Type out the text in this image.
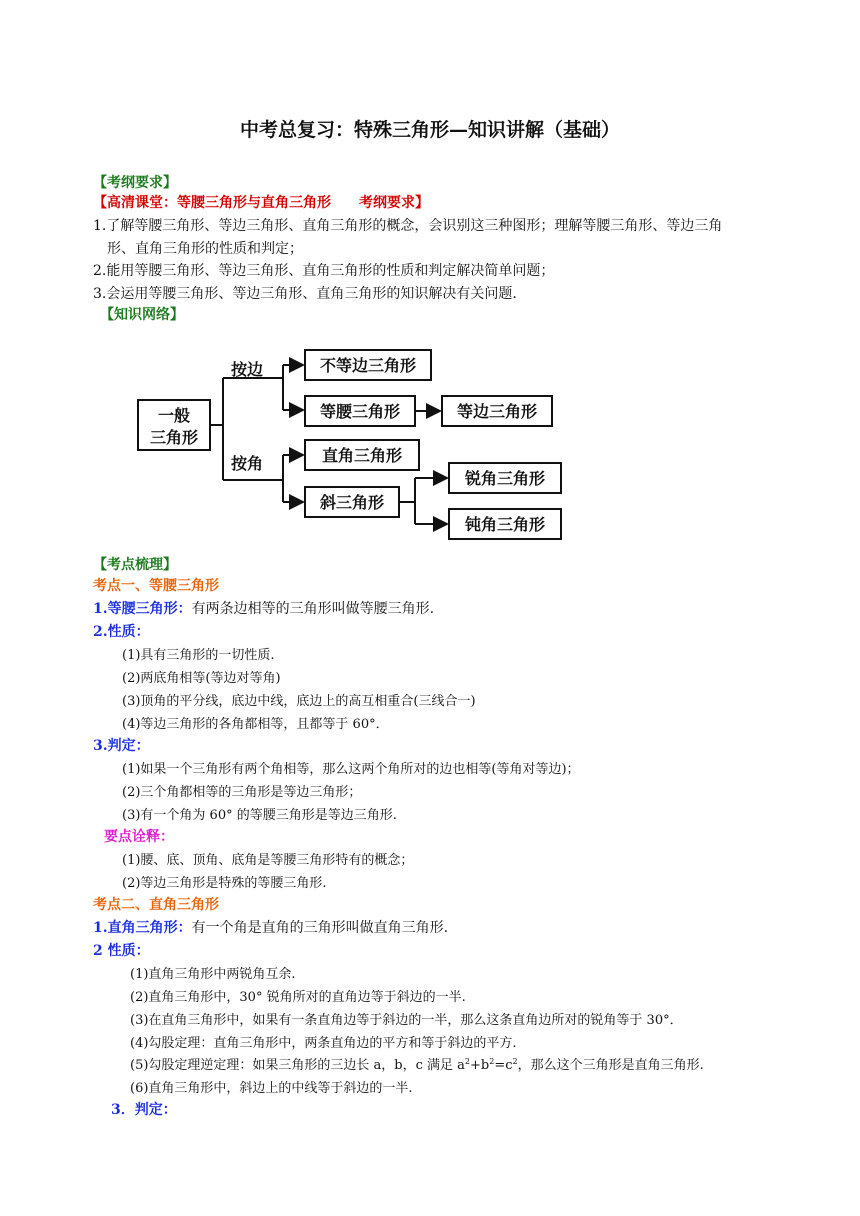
中考总复习：特殊三角形—知识讲解（基础）
【考纲要求】
【高清课堂：等腰三角形与直角三角形 考纲要求】
1.了解等腰三角形、等边三角形、直角三角形的概念，会识别这三种图形；理解等腰三角形、等边三角
形、直角三角形的性质和判定；
2.能用等腰三角形、等边三角形、直角三角形的性质和判定解决简单问题；
3.会运用等腰三角形、等边三角形、直角三角形的知识解决有关问题.
【知识网络】
一般
三角形
按边
按角
不等边三角形
等腰三角形	等边三角形
直角三角形
斜三角形
锐角三角形
钝角三角形
【考点梳理】
考点一、等腰三角形
1.等腰三角形：有两条边相等的三角形叫做等腰三角形.
2.性质：
(1)具有三角形的一切性质.
(2)两底角相等(等边对等角)
(3)顶角的平分线，底边中线，底边上的高互相重合(三线合一)
(4)等边三角形的各角都相等，且都等于 60°．
3.判定：
(1)如果一个三角形有两个角相等，那么这两个角所对的边也相等(等角对等边)；
(2)三个角都相等的三角形是等边三角形；
(3)有一个角为 60° 的等腰三角形是等边三角形.
要点诠释：
(1)腰、底、顶角、底角是等腰三角形特有的概念；
(2)等边三角形是特殊的等腰三角形.
考点二、直角三角形
1.直角三角形：有一个角是直角的三角形叫做直角三角形.
2 性质：
(1)直角三角形中两锐角互余.
(2)直角三角形中，30° 锐角所对的直角边等于斜边的一半.
(3)在直角三角形中，如果有一条直角边等于斜边的一半，那么这条直角边所对的锐角等于 30°．
(4)勾股定理：直角三角形中，两条直角边的平方和等于斜边的平方.
(5)勾股定理逆定理：如果三角形的三边长 a，b，c 满足 $a^2+b^2=c^2$，那么这个三角形是直角三角形.
(6)直角三角形中，斜边上的中线等于斜边的一半.
3．判定：
